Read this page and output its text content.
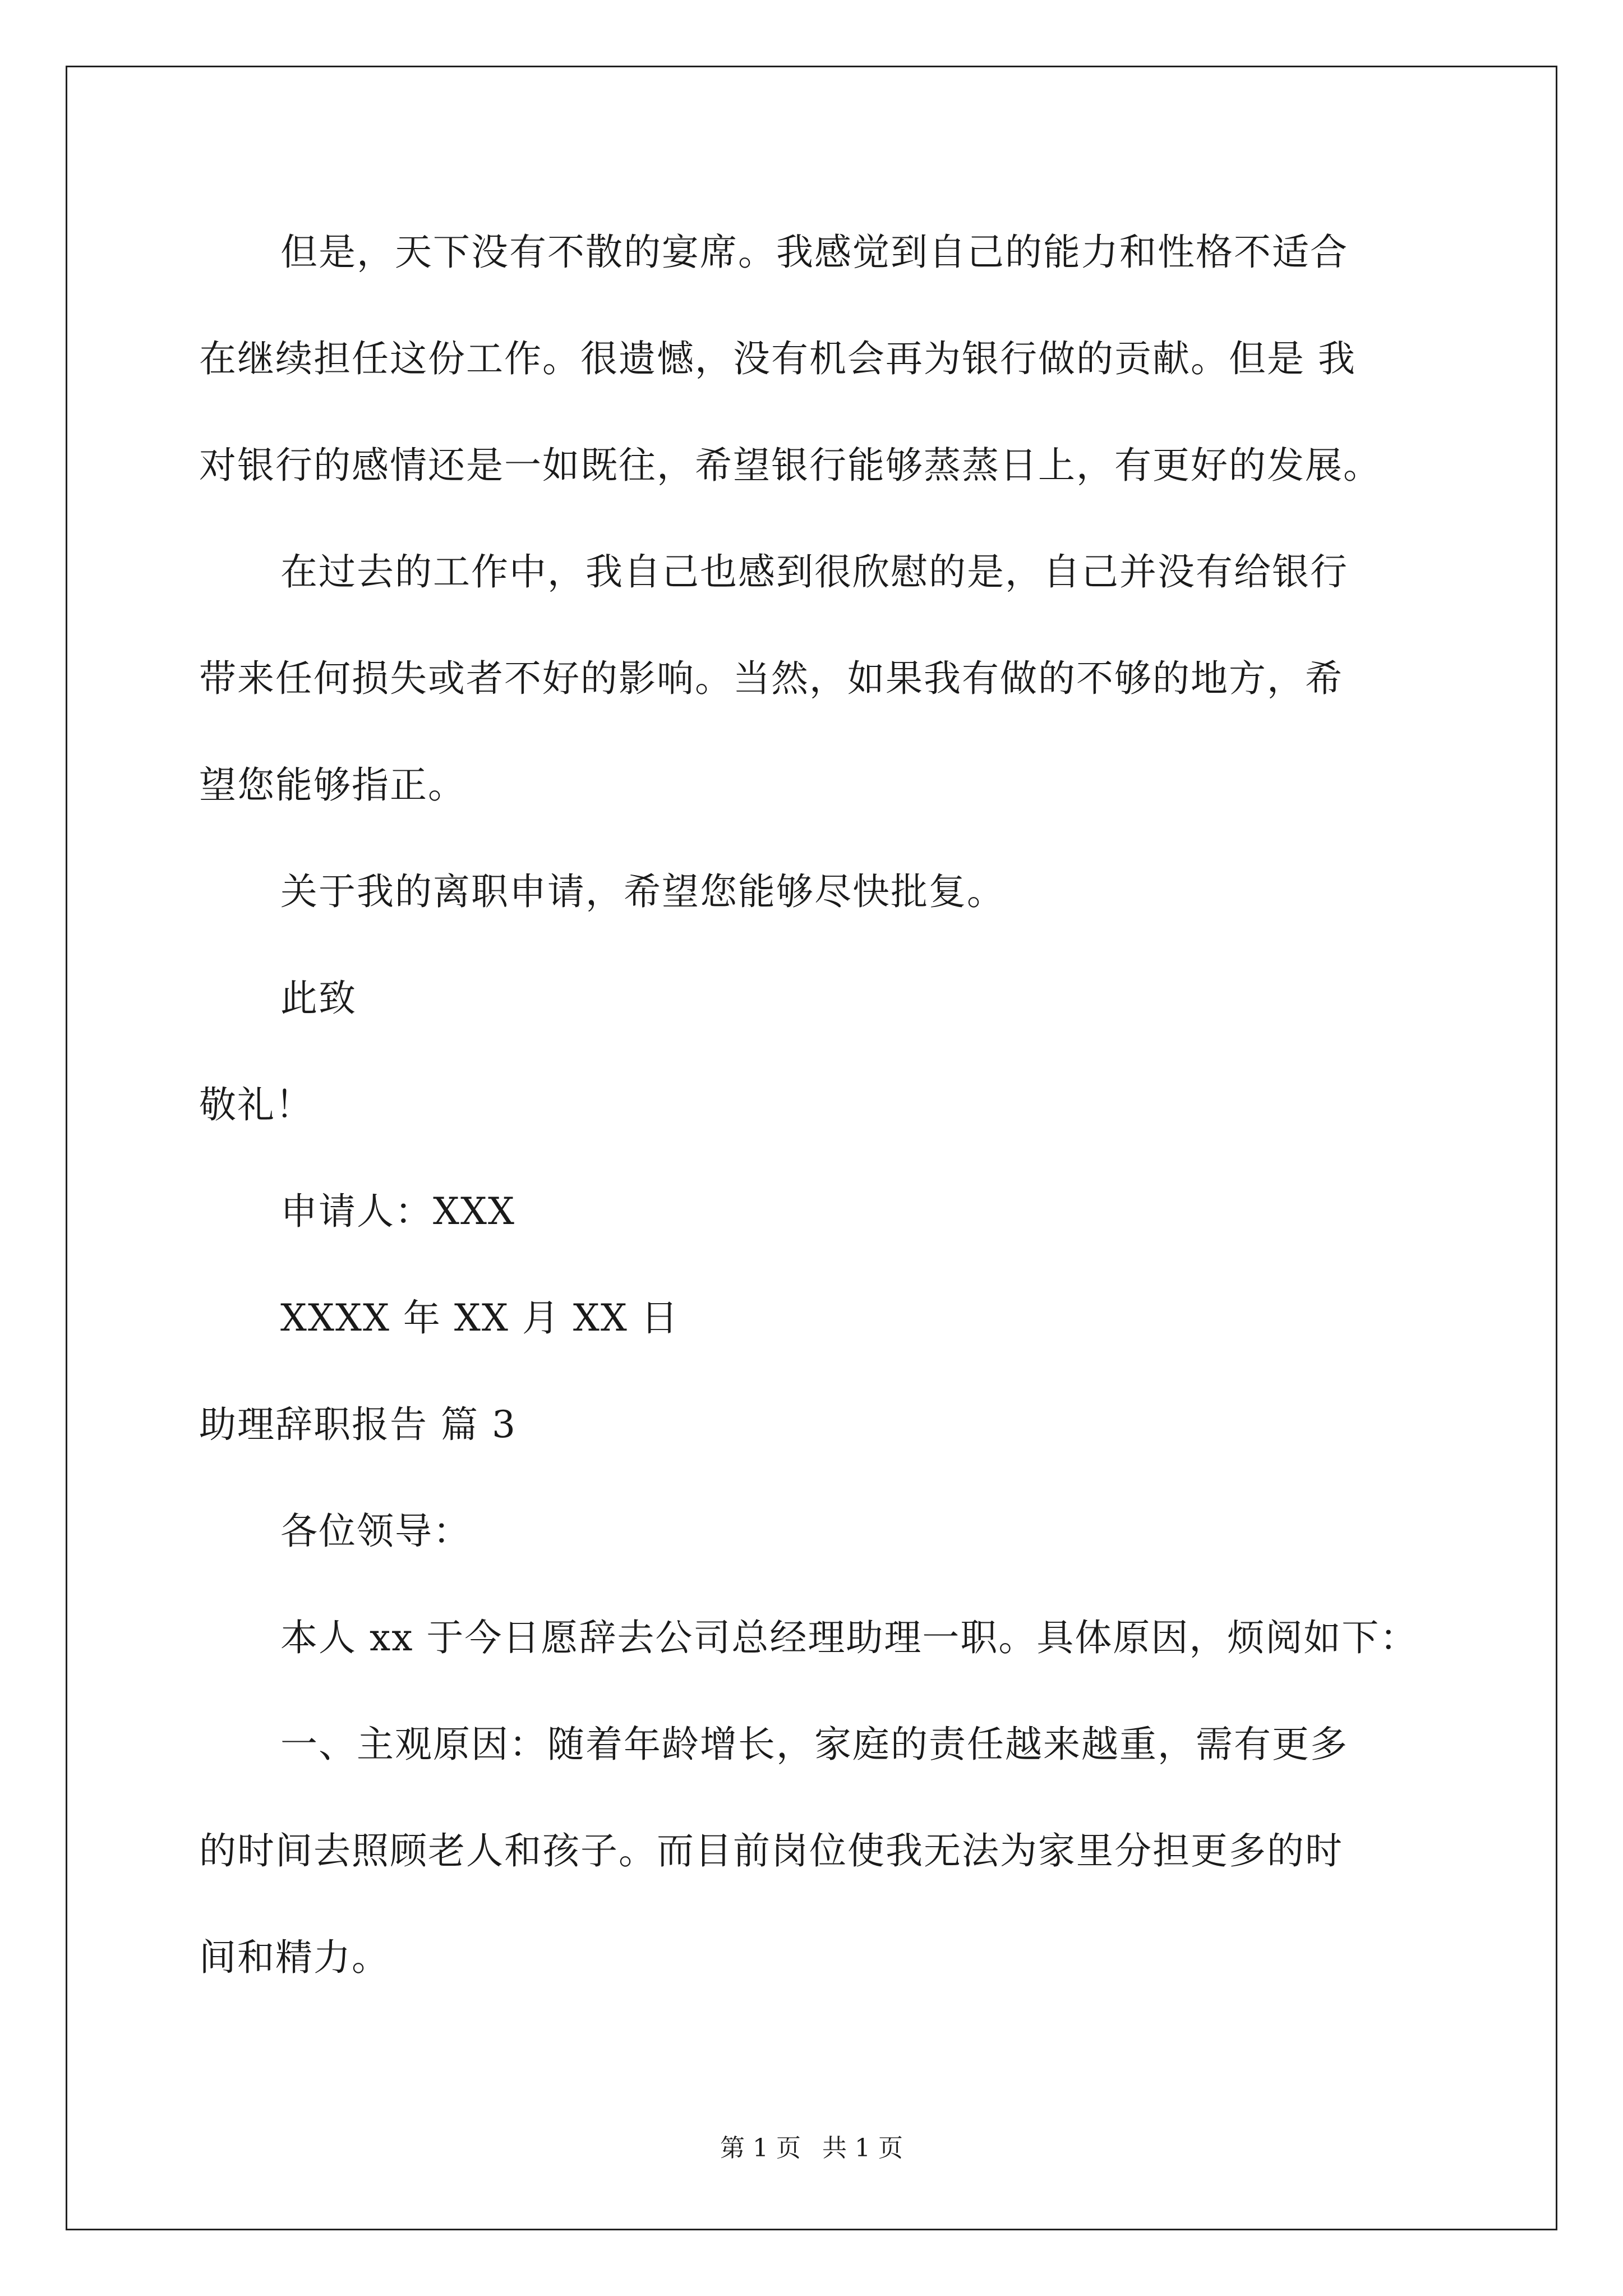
但是，天下没有不散的宴席。我感觉到自己的能力和性格不适合
在继续担任这份工作。很遗憾，没有机会再为银行做的贡献。但是 我
对银行的感情还是一如既往，希望银行能够蒸蒸日上，有更好的发展。
在过去的工作中，我自己也感到很欣慰的是，自己并没有给银行
带来任何损失或者不好的影响。当然，如果我有做的不够的地方，希
望您能够指正。
关于我的离职申请，希望您能够尽快批复。
此致
敬礼！
申请人：XXX
XXXX 年 XX 月 XX 日
助理辞职报告 篇 3
各位领导：
本人 xx 于今日愿辞去公司总经理助理一职。具体原因，烦阅如下：
一、主观原因：随着年龄增长，家庭的责任越来越重，需有更多
的时间去照顾老人和孩子。而目前岗位使我无法为家里分担更多的时
间和精力。
第 1 页 共 1 页
